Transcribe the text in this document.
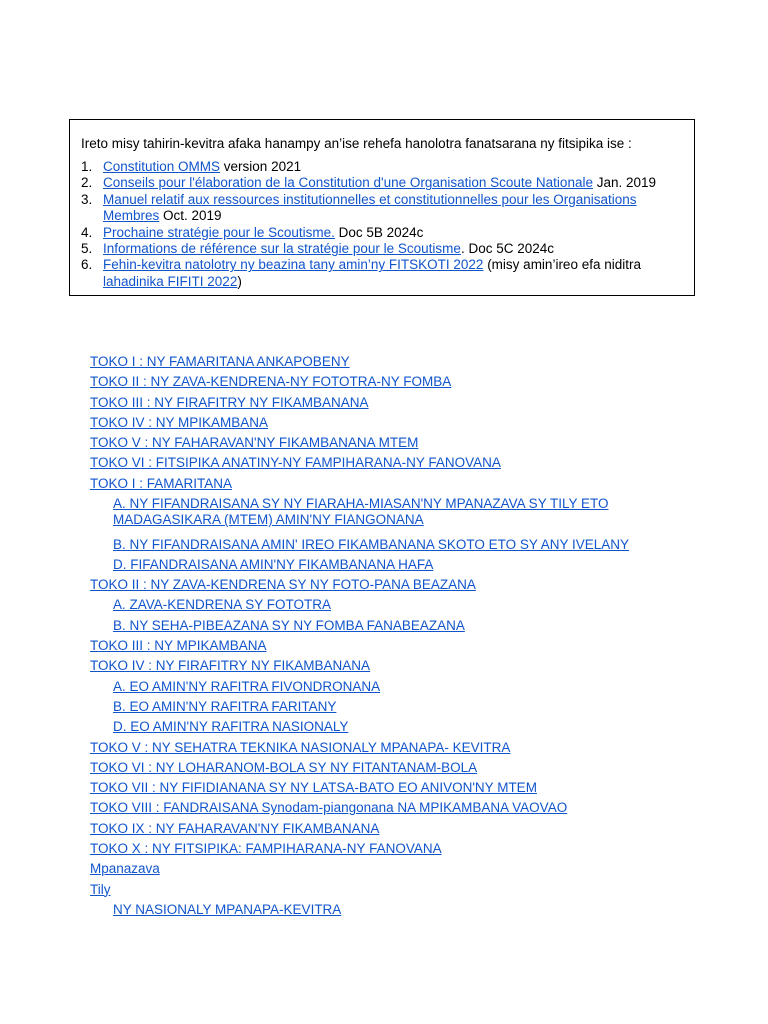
Ireto misy tahirin-kevitra afaka hanampy an’ise rehefa hanolotra fanatsarana ny fitsipika ise :
1. Constitution OMMS version 2021
2. Conseils pour l'élaboration de la Constitution d'une Organisation Scoute Nationale Jan. 2019
3. Manuel relatif aux ressources institutionnelles et constitutionnelles pour les Organisations Membres Oct. 2019
4. Prochaine stratégie pour le Scoutisme. Doc 5B 2024c
5. Informations de référence sur la stratégie pour le Scoutisme. Doc 5C 2024c
6. Fehin-kevitra natolotry ny beazina tany amin’ny FITSKOTI 2022 (misy amin’ireo efa niditra lahadinika FIFITI 2022)
TOKO I : NY FAMARITANA ANKAPOBENY
TOKO II : NY ZAVA-KENDRENA-NY FOTOTRA-NY FOMBA
TOKO III : NY FIRAFITRY NY FIKAMBANANA
TOKO IV : NY MPIKAMBANA
TOKO V : NY FAHARAVAN'NY FIKAMBANANA MTEM
TOKO VI : FITSIPIKA ANATINY-NY FAMPIHARANA-NY FANOVANA
TOKO I : FAMARITANA
A. NY FIFANDRAISANA SY NY FIARAHA-MIASAN'NY MPANAZAVA SY TILY ETO MADAGASIKARA (MTEM) AMIN'NY FIANGONANA
B. NY FIFANDRAISANA AMIN' IREO FIKAMBANANA SKOTO ETO SY ANY IVELANY
D. FIFANDRAISANA AMIN'NY FIKAMBANANA HAFA
TOKO II : NY ZAVA-KENDRENA SY NY FOTO-PANA BEAZANA
A. ZAVA-KENDRENA SY FOTOTRA
B. NY SEHA-PIBEAZANA SY NY FOMBA FANABEAZANA
TOKO III : NY MPIKAMBANA
TOKO IV : NY FIRAFITRY NY FIKAMBANANA
A. EO AMIN'NY RAFITRA FIVONDRONANA
B. EO AMIN'NY RAFITRA FARITANY
D. EO AMIN'NY RAFITRA NASIONALY
TOKO V : NY SEHATRA TEKNIKA NASIONALY MPANAPA- KEVITRA
TOKO VI : NY LOHARANOM-BOLA SY NY FITANTANAM-BOLA
TOKO VII : NY FIFIDIANANA SY NY LATSA-BATO EO ANIVON'NY MTEM
TOKO VIII : FANDRAISANA Synodam-piangonana NA MPIKAMBANA VAOVAO
TOKO IX : NY FAHARAVAN'NY FIKAMBANANA
TOKO X : NY FITSIPIKA: FAMPIHARANA-NY FANOVANA
Mpanazava
Tily
NY NASIONALY MPANAPA-KEVITRA
